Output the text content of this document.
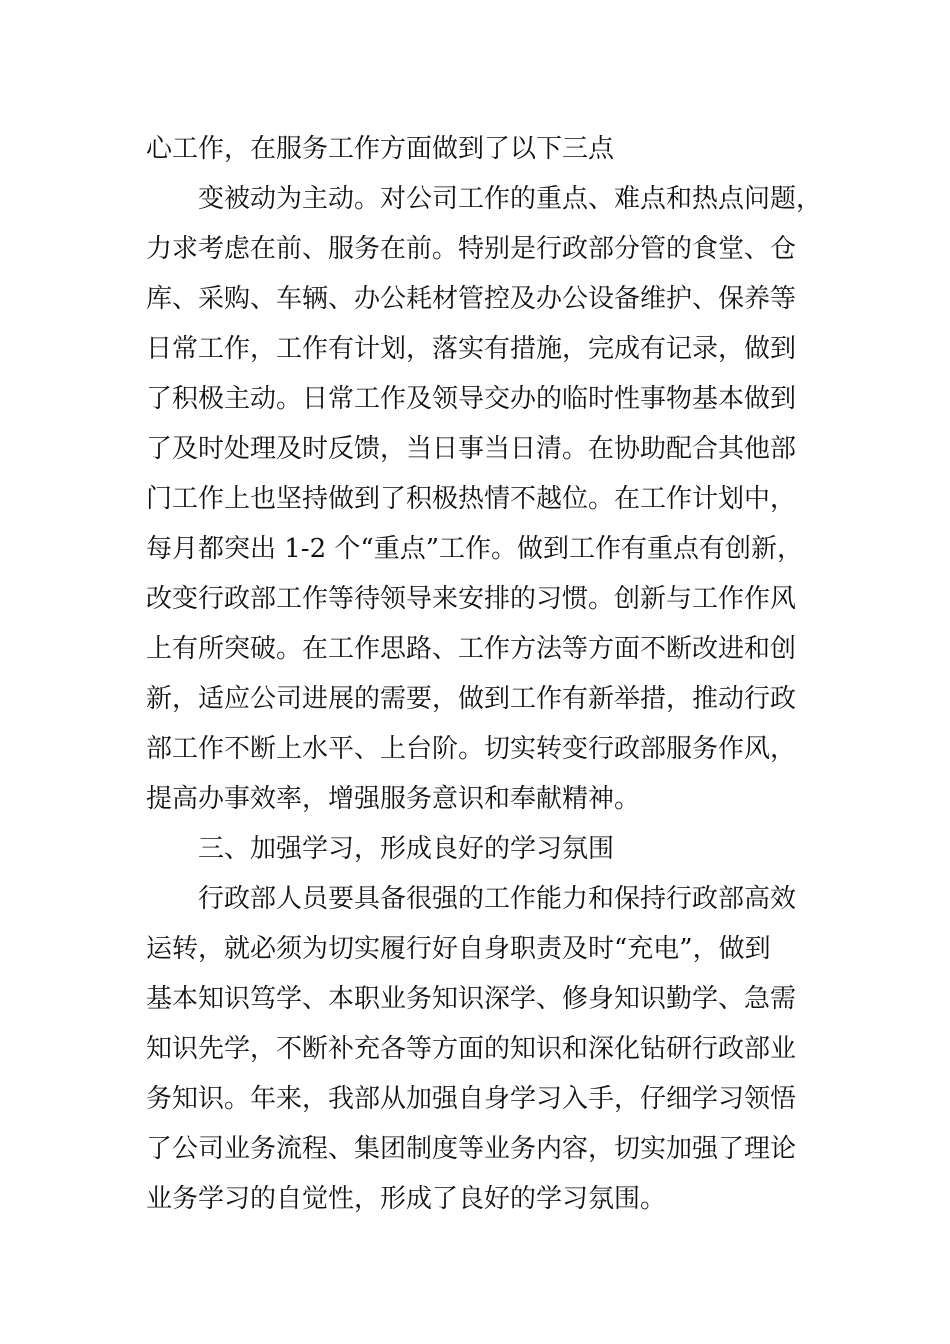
心工作，在服务工作方面做到了以下三点

变被动为主动。对公司工作的重点、难点和热点问题，

力求考虑在前、服务在前。特别是行政部分管的食堂、仓

库、采购、车辆、办公耗材管控及办公设备维护、保养等

日常工作，工作有计划，落实有措施，完成有记录，做到

了积极主动。日常工作及领导交办的临时性事物基本做到

了及时处理及时反馈，当日事当日清。在协助配合其他部

门工作上也坚持做到了积极热情不越位。在工作计划中，

每月都突出 1-2 个“重点”工作。做到工作有重点有创新，

改变行政部工作等待领导来安排的习惯。创新与工作作风

上有所突破。在工作思路、工作方法等方面不断改进和创

新，适应公司进展的需要，做到工作有新举措，推动行政

部工作不断上水平、上台阶。切实转变行政部服务作风，

提高办事效率，增强服务意识和奉献精神。

三、加强学习，形成良好的学习氛围

行政部人员要具备很强的工作能力和保持行政部高效

运转，就必须为切实履行好自身职责及时“充电”，做到

基本知识笃学、本职业务知识深学、修身知识勤学、急需

知识先学，不断补充各等方面的知识和深化钻研行政部业

务知识。年来，我部从加强自身学习入手，仔细学习领悟

了公司业务流程、集团制度等业务内容，切实加强了理论

业务学习的自觉性，形成了良好的学习氛围。
